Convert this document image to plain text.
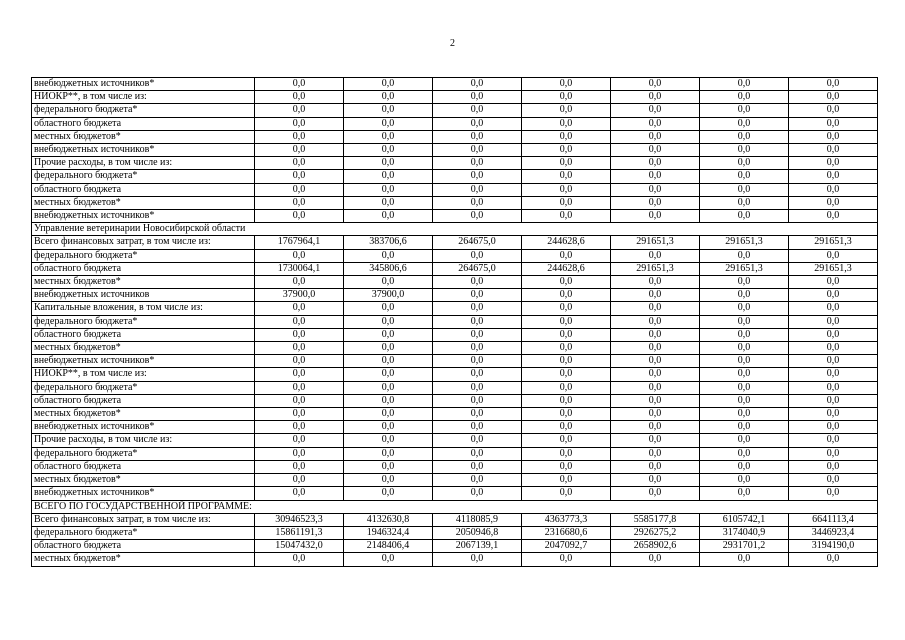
2
внебюджетных источников*	0,0	0,0	0,0	0,0	0,0	0,0	0,0
НИОКР**, в том числе из:	0,0	0,0	0,0	0,0	0,0	0,0	0,0
федерального бюджета*	0,0	0,0	0,0	0,0	0,0	0,0	0,0
областного бюджета	0,0	0,0	0,0	0,0	0,0	0,0	0,0
местных бюджетов*	0,0	0,0	0,0	0,0	0,0	0,0	0,0
внебюджетных источников*	0,0	0,0	0,0	0,0	0,0	0,0	0,0
Прочие расходы, в том числе из:	0,0	0,0	0,0	0,0	0,0	0,0	0,0
федерального бюджета*	0,0	0,0	0,0	0,0	0,0	0,0	0,0
областного бюджета	0,0	0,0	0,0	0,0	0,0	0,0	0,0
местных бюджетов*	0,0	0,0	0,0	0,0	0,0	0,0	0,0
внебюджетных источников*	0,0	0,0	0,0	0,0	0,0	0,0	0,0
Управление ветеринарии Новосибирской области							
Всего финансовых затрат, в том числе из:	1767964,1	383706,6	264675,0	244628,6	291651,3	291651,3	291651,3
федерального бюджета*	0,0	0,0	0,0	0,0	0,0	0,0	0,0
областного бюджета	1730064,1	345806,6	264675,0	244628,6	291651,3	291651,3	291651,3
местных бюджетов*	0,0	0,0	0,0	0,0	0,0	0,0	0,0
внебюджетных источников	37900,0	37900,0	0,0	0,0	0,0	0,0	0,0
Капитальные вложения, в том числе из:	0,0	0,0	0,0	0,0	0,0	0,0	0,0
федерального бюджета*	0,0	0,0	0,0	0,0	0,0	0,0	0,0
областного бюджета	0,0	0,0	0,0	0,0	0,0	0,0	0,0
местных бюджетов*	0,0	0,0	0,0	0,0	0,0	0,0	0,0
внебюджетных источников*	0,0	0,0	0,0	0,0	0,0	0,0	0,0
НИОКР**, в том числе из:	0,0	0,0	0,0	0,0	0,0	0,0	0,0
федерального бюджета*	0,0	0,0	0,0	0,0	0,0	0,0	0,0
областного бюджета	0,0	0,0	0,0	0,0	0,0	0,0	0,0
местных бюджетов*	0,0	0,0	0,0	0,0	0,0	0,0	0,0
внебюджетных источников*	0,0	0,0	0,0	0,0	0,0	0,0	0,0
Прочие расходы, в том числе из:	0,0	0,0	0,0	0,0	0,0	0,0	0,0
федерального бюджета*	0,0	0,0	0,0	0,0	0,0	0,0	0,0
областного бюджета	0,0	0,0	0,0	0,0	0,0	0,0	0,0
местных бюджетов*	0,0	0,0	0,0	0,0	0,0	0,0	0,0
внебюджетных источников*	0,0	0,0	0,0	0,0	0,0	0,0	0,0
ВСЕГО ПО ГОСУДАРСТВЕННОЙ ПРОГРАММЕ:							
Всего финансовых затрат, в том числе из:	30946523,3	4132630,8	4118085,9	4363773,3	5585177,8	6105742,1	6641113,4
федерального бюджета*	15861191,3	1946324,4	2050946,8	2316680,6	2926275,2	3174040,9	3446923,4
областного бюджета	15047432,0	2148406,4	2067139,1	2047092,7	2658902,6	2931701,2	3194190,0
местных бюджетов*	0,0	0,0	0,0	0,0	0,0	0,0	0,0
